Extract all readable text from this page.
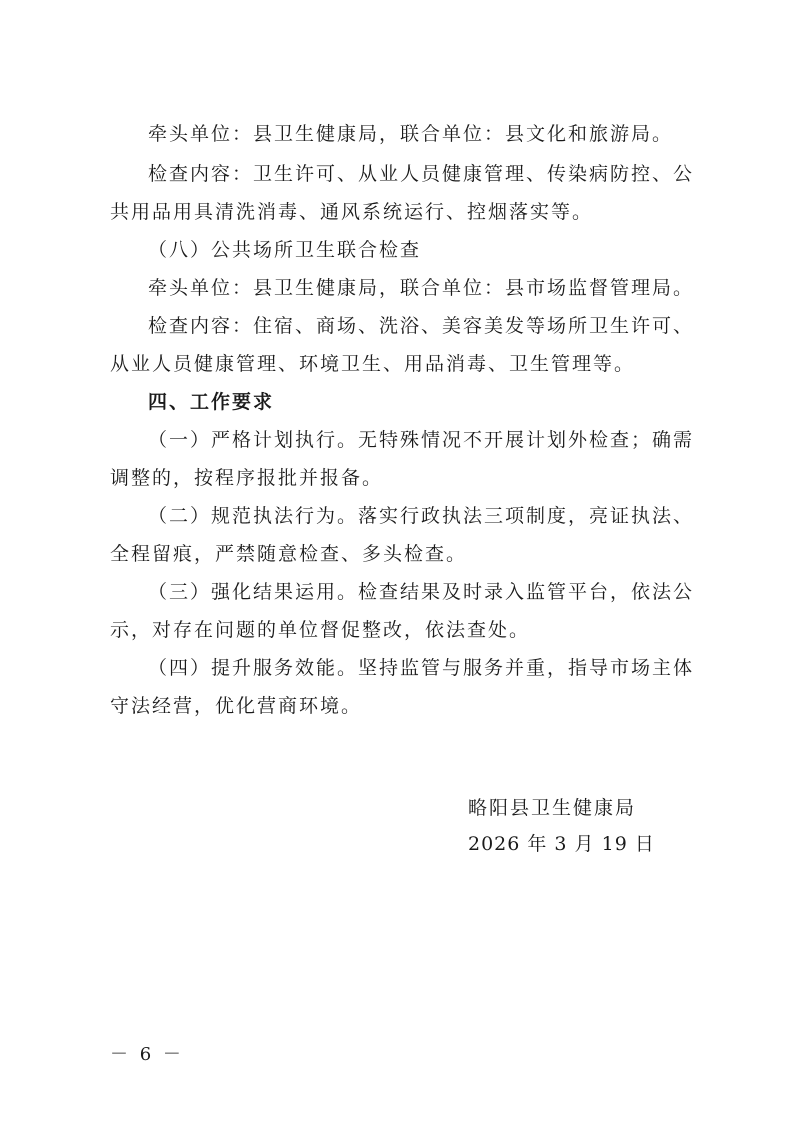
牵头单位：县卫生健康局，联合单位：县文化和旅游局。
检查内容：卫生许可、从业人员健康管理、传染病防控、公
共用品用具清洗消毒、通风系统运行、控烟落实等。
（八）公共场所卫生联合检查
牵头单位：县卫生健康局，联合单位：县市场监督管理局。
检查内容：住宿、商场、洗浴、美容美发等场所卫生许可、
从业人员健康管理、环境卫生、用品消毒、卫生管理等。
四、工作要求
（一）严格计划执行。无特殊情况不开展计划外检查；确需
调整的，按程序报批并报备。
（二）规范执法行为。落实行政执法三项制度，亮证执法、
全程留痕，严禁随意检查、多头检查。
（三）强化结果运用。检查结果及时录入监管平台，依法公
示，对存在问题的单位督促整改，依法查处。
（四）提升服务效能。坚持监管与服务并重，指导市场主体
守法经营，优化营商环境。
略阳县卫生健康局
2026 年 3 月 19 日
－ 6 －
